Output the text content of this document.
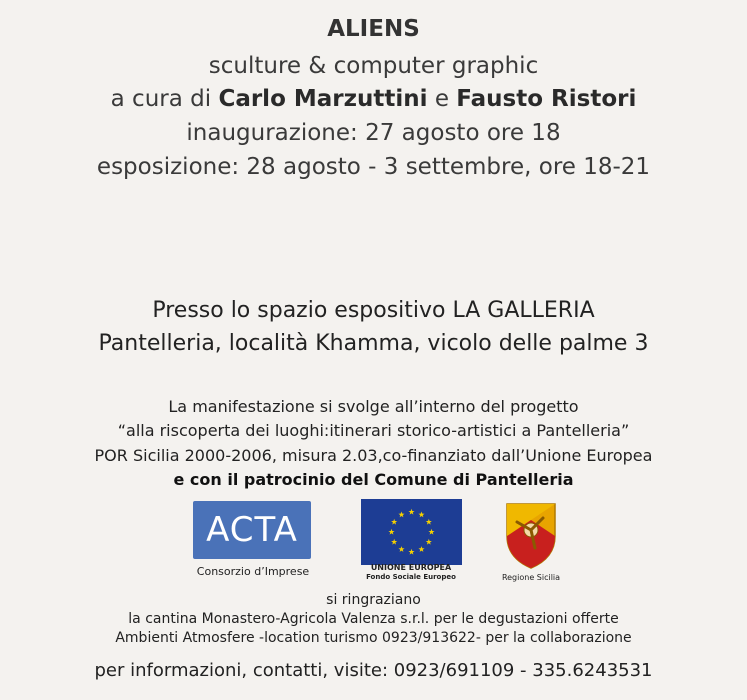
ALIENS
sculture & computer graphic
a cura di Carlo Marzuttini e Fausto Ristori
inaugurazione: 27 agosto ore 18
esposizione: 28 agosto - 3 settembre, ore 18-21
Presso lo spazio espositivo LA GALLERIA
Pantelleria, località Khamma, vicolo delle palme 3
La manifestazione si svolge all’interno del progetto
“alla riscoperta dei luoghi:itinerari storico-artistici a Pantelleria”
POR Sicilia 2000-2006, misura 2.03,co-finanziato dall’Unione Europea
e con il patrocinio del Comune di Pantelleria
ACTA
Consorzio d’Imprese	UNIONE EUROPEA
Fondo Sociale Europeo	Regione Sicilia
si ringraziano
la cantina Monastero-Agricola Valenza s.r.l. per le degustazioni offerte
Ambienti Atmosfere -location turismo 0923/913622- per la collaborazione
per informazioni, contatti, visite: 0923/691109 - 335.6243531
